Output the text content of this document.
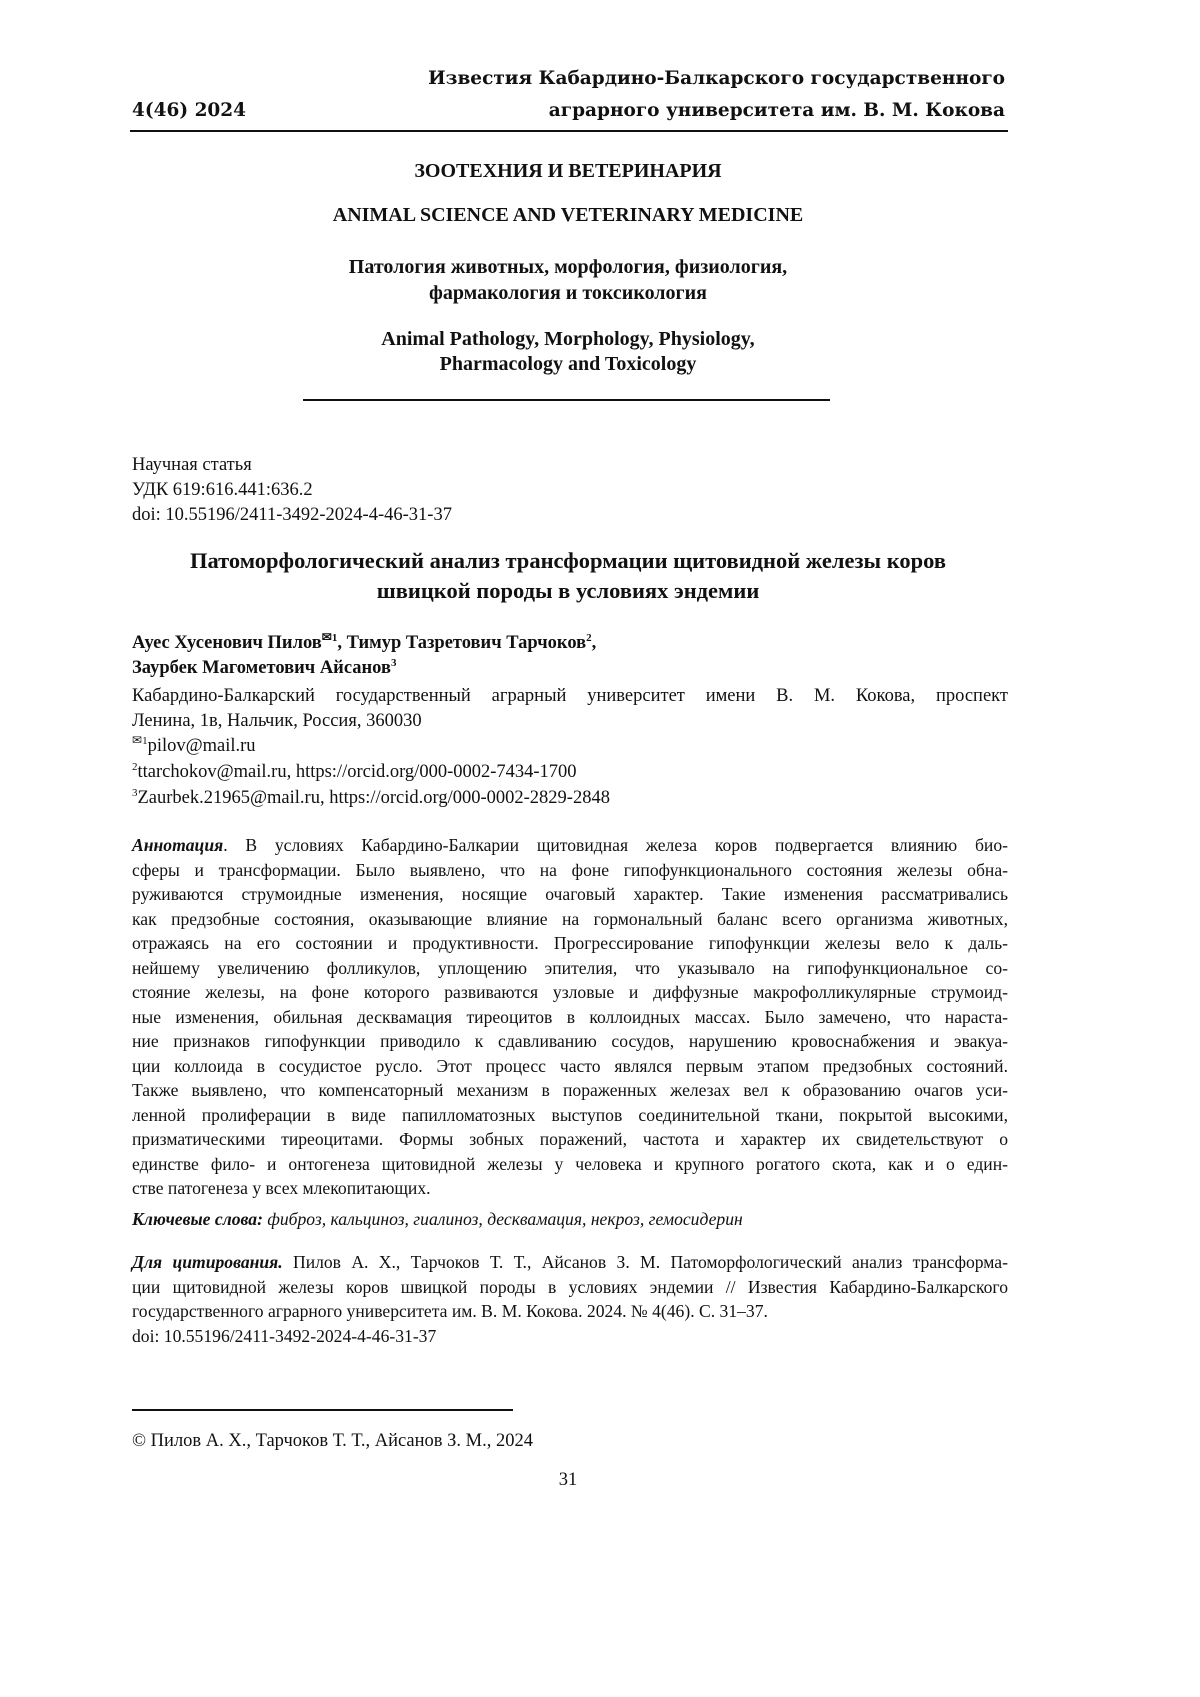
Известия Кабардино-Балкарского государственного
аграрного университета им. В. М. Кокова
4(46) 2024
ЗООТЕХНИЯ И ВЕТЕРИНАРИЯ
ANIMAL SCIENCE AND VETERINARY MEDICINE
Патология животных, морфология, физиология,
фармакология и токсикология
Animal Pathology, Morphology, Physiology,
Pharmacology and Toxicology
Научная статья
УДК 619:616.441:636.2
doi: 10.55196/2411-3492-2024-4-46-31-37
Патоморфологический анализ трансформации щитовидной железы коров
швицкой породы в условиях эндемии
Ауес Хусенович Пилов$^{✉1}$, Тимур Тазретович Тарчоков$^2$,
Заурбек Магометович Айсанов$^3$
Кабардино-Балкарский государственный аграрный университет имени В. М. Кокова, проспект
Ленина, 1в, Нальчик, Россия, 360030
$^{✉1}$pilov@mail.ru
$^2$ttarchokov@mail.ru, https://orcid.org/000-0002-7434-1700
$^3$Zaurbek.21965@mail.ru, https://orcid.org/000-0002-2829-2848
Аннотация. В условиях Кабардино-Балкарии щитовидная железа коров подвергается влиянию био-
сферы и трансформации. Было выявлено, что на фоне гипофункционального состояния железы обна-
руживаются струмоидные изменения, носящие очаговый характер. Такие изменения рассматривались
как предзобные состояния, оказывающие влияние на гормональный баланс всего организма животных,
отражаясь на его состоянии и продуктивности. Прогрессирование гипофункции железы вело к даль-
нейшему увеличению фолликулов, уплощению эпителия, что указывало на гипофункциональное со-
стояние железы, на фоне которого развиваются узловые и диффузные макрофолликулярные струмоид-
ные изменения, обильная десквамация тиреоцитов в коллоидных массах. Было замечено, что нараста-
ние признаков гипофункции приводило к сдавливанию сосудов, нарушению кровоснабжения и эвакуа-
ции коллоида в сосудистое русло. Этот процесс часто являлся первым этапом предзобных состояний.
Также выявлено, что компенсаторный механизм в пораженных железах вел к образованию очагов уси-
ленной пролиферации в виде папилломатозных выступов соединительной ткани, покрытой высокими,
призматическими тиреоцитами. Формы зобных поражений, частота и характер их свидетельствуют о
единстве фило- и онтогенеза щитовидной железы у человека и крупного рогатого скота, как и о един-
стве патогенеза у всех млекопитающих.
Ключевые слова: фиброз, кальциноз, гиалиноз, десквамация, некроз, гемосидерин
Для цитирования. Пилов А. Х., Тарчоков Т. Т., Айсанов З. М. Патоморфологический анализ трансформа-
ции щитовидной железы коров швицкой породы в условиях эндемии // Известия Кабардино-Балкарского
государственного аграрного университета им. В. М. Кокова. 2024. № 4(46). С. 31–37.
doi: 10.55196/2411-3492-2024-4-46-31-37
© Пилов А. Х., Тарчоков Т. Т., Айсанов З. М., 2024
31
